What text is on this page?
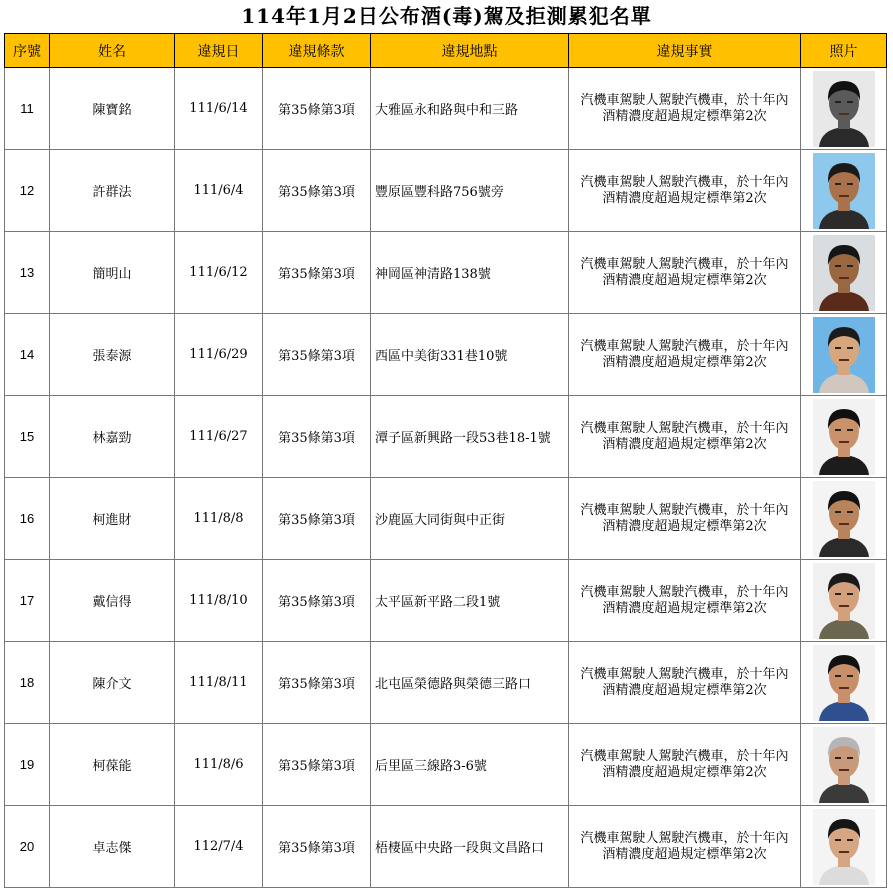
114年1月2日公布酒(毒)駕及拒測累犯名單
序號	姓名	違規日	違規條款	違規地點	違規事實	照片
11	陳寶銘	111/6/14	第35條第3項	大雅區永和路與中和三路	汽機車駕駛人駕駛汽機車，於十年內
酒精濃度超過規定標準第2次

12	許群法	111/6/4	第35條第3項	豐原區豐科路756號旁	汽機車駕駛人駕駛汽機車，於十年內
酒精濃度超過規定標準第2次

13	簡明山	111/6/12	第35條第3項	神岡區神清路138號	汽機車駕駛人駕駛汽機車，於十年內
酒精濃度超過規定標準第2次

14	張泰源	111/6/29	第35條第3項	西區中美街331巷10號	汽機車駕駛人駕駛汽機車，於十年內
酒精濃度超過規定標準第2次

15	林嘉勁	111/6/27	第35條第3項	潭子區新興路一段53巷18-1號	汽機車駕駛人駕駛汽機車，於十年內
酒精濃度超過規定標準第2次

16	柯進財	111/8/8	第35條第3項	沙鹿區大同街與中正街	汽機車駕駛人駕駛汽機車，於十年內
酒精濃度超過規定標準第2次

17	戴信得	111/8/10	第35條第3項	太平區新平路二段1號	汽機車駕駛人駕駛汽機車，於十年內
酒精濃度超過規定標準第2次

18	陳介文	111/8/11	第35條第3項	北屯區榮德路與榮德三路口	汽機車駕駛人駕駛汽機車，於十年內
酒精濃度超過規定標準第2次

19	柯葆能	111/8/6	第35條第3項	后里區三線路3-6號	汽機車駕駛人駕駛汽機車，於十年內
酒精濃度超過規定標準第2次

20	卓志傑	112/7/4	第35條第3項	梧棲區中央路一段與文昌路口	汽機車駕駛人駕駛汽機車，於十年內
酒精濃度超過規定標準第2次
